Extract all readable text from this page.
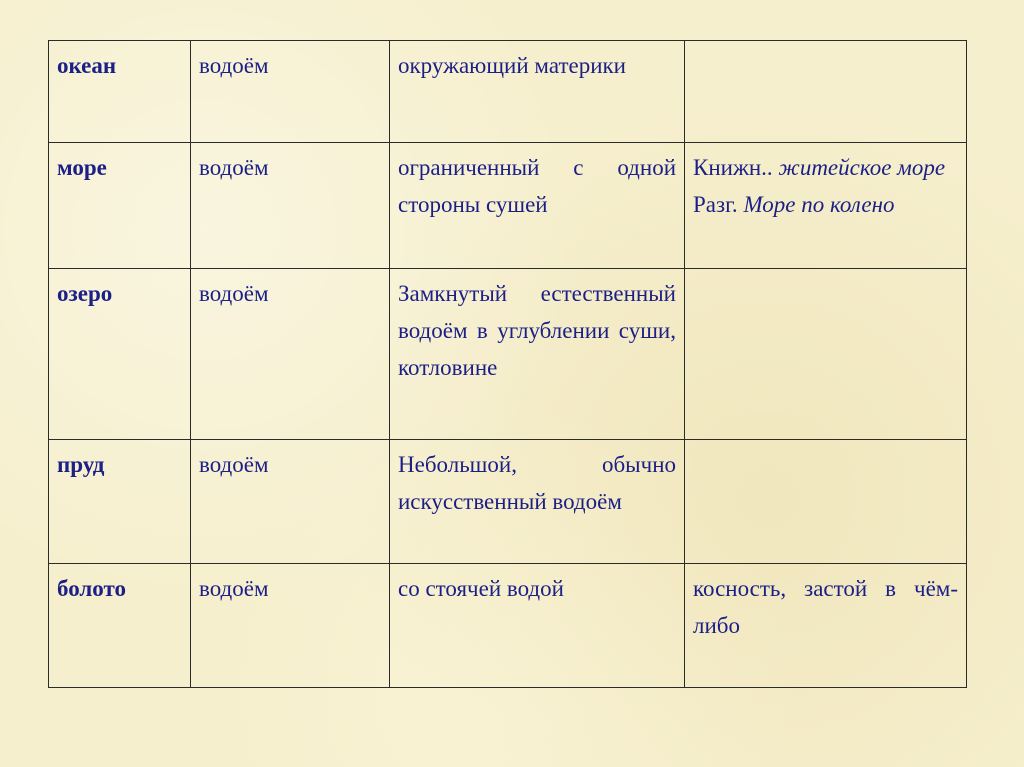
океан	водоём	окружающий материки	
море	водоём	ограниченный с одной стороны сушей	Книжн.. житейское море
Разг. Море по колено

озеро	водоём	Замкнутый естественный водоём в углублении суши, котловине	
пруд	водоём	Небольшой, обычно искусственный водоём	
болото	водоём	со стоячей водой	косность, застой в чём-либо
